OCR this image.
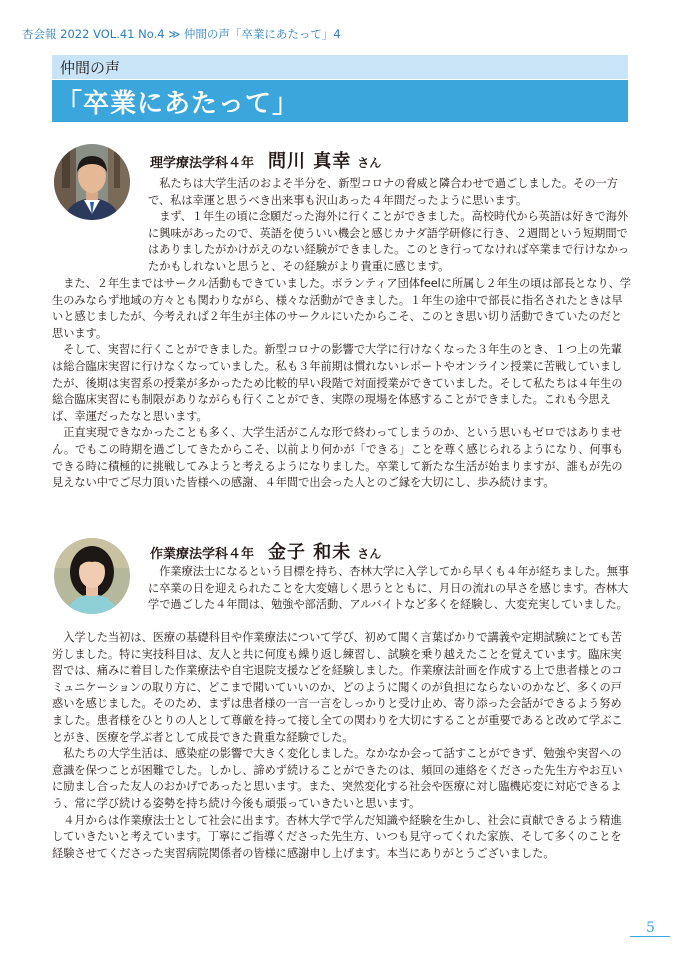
杏会報 2022 VOL.41 No.4 ≫ 仲間の声「卒業にあたって」4
仲間の声
「卒業にあたって」
理学療法学科４年 問川 真幸 さん

私たちは大学生活のおよそ半分を、新型コロナの脅威と隣合わせで過ごしました。その一方で、私は幸運と思うべき出来事も沢山あった４年間だったように思います。

まず、１年生の頃に念願だった海外に行くことができました。高校時代から英語は好きで海外に興味があったので、英語を使ういい機会と感じカナダ語学研修に行き、２週間という短期間ではありましたがかけがえのない経験ができました。このとき行ってなければ卒業まで行けなかったかもしれないと思うと、その経験がより貴重に感じます。

また、２年生まではサークル活動もできていました。ボランティア団体feelに所属し２年生の頃は部長となり、学生のみならず地域の方々とも関わりながら、様々な活動ができました。１年生の途中で部長に指名されたときは早いと感じましたが、今考えれば２年生が主体のサークルにいたからこそ、このとき思い切り活動できていたのだと思います。

そして、実習に行くことができました。新型コロナの影響で大学に行けなくなった３年生のとき、１つ上の先輩は総合臨床実習に行けなくなっていました。私も３年前期は慣れないレポートやオンライン授業に苦戦していましたが、後期は実習系の授業が多かったため比較的早い段階で対面授業ができていました。そして私たちは４年生の総合臨床実習にも制限がありながらも行くことができ、実際の現場を体感することができました。これも今思えば、幸運だったなと思います。

正直実現できなかったことも多く、大学生活がこんな形で終わってしまうのか、という思いもゼロではありません。でもこの時期を過ごしてきたからこそ、以前より何かが「できる」ことを尊く感じられるようになり、何事もできる時に積極的に挑戦してみようと考えるようになりました。卒業して新たな生活が始まりますが、誰もが先の見えない中でご尽力頂いた皆様への感謝、４年間で出会った人とのご縁を大切にし、歩み続けます。

作業療法学科４年 金子 和未 さん

作業療法士になるという目標を持ち、杏林大学に入学してから早くも４年が経ちました。無事に卒業の日を迎えられたことを大変嬉しく思うとともに、月日の流れの早さを感じます。杏林大学で過ごした４年間は、勉強や部活動、アルバイトなど多くを経験し、大変充実していました。

入学した当初は、医療の基礎科目や作業療法について学び、初めて聞く言葉ばかりで講義や定期試験にとても苦労しました。特に実技科目は、友人と共に何度も繰り返し練習し、試験を乗り越えたことを覚えています。臨床実習では、痛みに着目した作業療法や自宅退院支援などを経験しました。作業療法計画を作成する上で患者様とのコミュニケーションの取り方に、どこまで聞いていいのか、どのように聞くのが負担にならないのかなど、多くの戸惑いを感じました。そのため、まずは患者様の一言一言をしっかりと受け止め、寄り添った会話ができるよう努めました。患者様をひとりの人として尊厳を持って接し全ての関わりを大切にすることが重要であると改めて学ぶことがき、医療を学ぶ者として成長できた貴重な経験でした。

私たちの大学生活は、感染症の影響で大きく変化しました。なかなか会って話すことができず、勉強や実習への意識を保つことが困難でした。しかし、諦めず続けることができたのは、頻回の連絡をくださった先生方やお互いに励まし合った友人のおかげであったと思います。また、突然変化する社会や医療に対し臨機応変に対応できるよう、常に学び続ける姿勢を持ち続け今後も頑張っていきたいと思います。

４月からは作業療法士として社会に出ます。杏林大学で学んだ知識や経験を生かし、社会に貢献できるよう精進していきたいと考えています。丁寧にご指導くださった先生方、いつも見守ってくれた家族、そして多くのことを経験させてくださった実習病院関係者の皆様に感謝申し上げます。本当にありがとうございました。

5
